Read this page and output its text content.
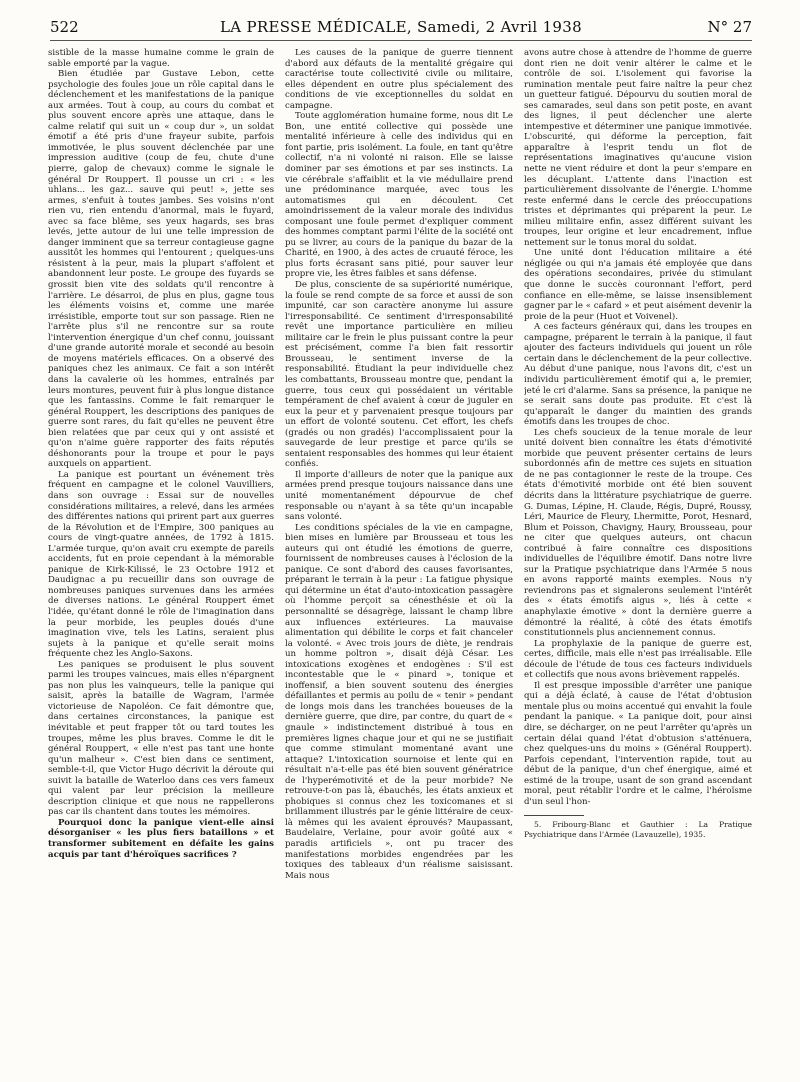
522	LA PRESSE MÉDICALE, Samedi, 2 Avril 1938	N° 27

sistible de la masse humaine comme le grain de sable emporté par la vague.

Bien étudiée par Gustave Lebon, cette psychologie des foules joue un rôle capital dans le déclenchement et les manifestations de la panique aux armées. Tout à coup, au cours du combat et plus souvent encore après une attaque, dans le calme relatif qui suit un « coup dur », un soldat émotif a été pris d'une frayeur subite, parfois immotivée, le plus souvent déclenchée par une impression auditive (coup de feu, chute d'une pierre, galop de chevaux) comme le signale le général Dr Rouppert. Il pousse un cri : « les uhlans... les gaz... sauve qui peut! », jette ses armes, s'enfuit à toutes jambes. Ses voisins n'ont rien vu, rien entendu d'anormal, mais le fuyard, avec sa face blême, ses yeux hagards, ses bras levés, jette autour de lui une telle impression de danger imminent que sa terreur contagieuse gagne aussitôt les hommes qui l'entourent ; quelques-uns résistent à la peur, mais la plupart s'affolent et abandonnent leur poste. Le groupe des fuyards se grossit bien vite des soldats qu'il rencontre à l'arrière. Le désarroi, de plus en plus, gagne tous les éléments voisins et, comme une marée irrésistible, emporte tout sur son passage. Rien ne l'arrête plus s'il ne rencontre sur sa route l'intervention énergique d'un chef connu, jouissant d'une grande autorité morale et secondé au besoin de moyens matériels efficaces. On a observé des paniques chez les animaux. Ce fait a son intérêt dans la cavalerie où les hommes, entraînés par leurs montures, peuvent fuir à plus longue distance que les fantassins. Comme le fait remarquer le général Rouppert, les descriptions des paniques de guerre sont rares, du fait qu'elles ne peuvent être bien relatées que par ceux qui y ont assisté et qu'on n'aime guère rapporter des faits réputés déshonorants pour la troupe et pour le pays auxquels on appartient.

La panique est pourtant un événement très fréquent en campagne et le colonel Vauvilliers, dans son ouvrage : Essai sur de nouvelles considérations militaires, a relevé, dans les armées des différentes nations qui prirent part aux guerres de la Révolution et de l'Empire, 300 paniques au cours de vingt-quatre années, de 1792 à 1815. L'armée turque, qu'on avait cru exempte de pareils accidents, fut en proie cependant à la mémorable panique de Kirk-Kilissé, le 23 Octobre 1912 et Daudignac a pu recueillir dans son ouvrage de nombreuses paniques survenues dans les armées de diverses nations. Le général Rouppert émet l'idée, qu'étant donné le rôle de l'imagination dans la peur morbide, les peuples doués d'une imagination vive, tels les Latins, seraient plus sujets à la panique et qu'elle serait moins fréquente chez les Anglo-Saxons.

Les paniques se produisent le plus souvent parmi les troupes vaincues, mais elles n'épargnent pas non plus les vainqueurs, telle la panique qui saisit, après la bataille de Wagram, l'armée victorieuse de Napoléon. Ce fait démontre que, dans certaines circonstances, la panique est inévitable et peut frapper tôt ou tard toutes les troupes, même les plus braves. Comme le dit le général Rouppert, « elle n'est pas tant une honte qu'un malheur ». C'est bien dans ce sentiment, semble-t-il, que Victor Hugo décrivit la déroute qui suivit la bataille de Waterloo dans ces vers fameux qui valent par leur précision la meilleure description clinique et que nous ne rappellerons pas car ils chantent dans toutes les mémoires.

Pourquoi donc la panique vient-elle ainsi désorganiser « les plus fiers bataillons » et transformer subitement en défaite les gains acquis par tant d'héroïques sacrifices ?

Les causes de la panique de guerre tiennent d'abord aux défauts de la mentalité grégaire qui caractérise toute collectivité civile ou militaire, elles dépendent en outre plus spécialement des conditions de vie exceptionnelles du soldat en campagne.

Toute agglomération humaine forme, nous dit Le Bon, une entité collective qui possède une mentalité inférieure à celle des individus qui en font partie, pris isolément. La foule, en tant qu'être collectif, n'a ni volonté ni raison. Elle se laisse dominer par ses émotions et par ses instincts. La vie cérébrale s'affaiblit et la vie médullaire prend une prédominance marquée, avec tous les automatismes qui en découlent. Cet amoindrissement de la valeur morale des individus composant une foule permet d'expliquer comment des hommes comptant parmi l'élite de la société ont pu se livrer, au cours de la panique du bazar de la Charité, en 1900, à des actes de cruauté féroce, les plus forts écrasant sans pitié, pour sauver leur propre vie, les êtres faibles et sans défense.

De plus, consciente de sa supériorité numérique, la foule se rend compte de sa force et aussi de son impunité, car son caractère anonyme lui assure l'irresponsabilité. Ce sentiment d'irresponsabilité revêt une importance particulière en milieu militaire car le frein le plus puissant contre la peur est précisément, comme l'a bien fait ressortir Brousseau, le sentiment inverse de la responsabilité. Étudiant la peur individuelle chez les combattants, Brousseau montre que, pendant la guerre, tous ceux qui possédaient un véritable tempérament de chef avaient à cœur de juguler en eux la peur et y parvenaient presque toujours par un effort de volonté soutenu. Cet effort, les chefs (gradés ou non gradés) l'accomplissaient pour la sauvegarde de leur prestige et parce qu'ils se sentaient responsables des hommes qui leur étaient confiés.

Il importe d'ailleurs de noter que la panique aux armées prend presque toujours naissance dans une unité momentanément dépourvue de chef responsable ou n'ayant à sa tête qu'un incapable sans volonté.

Les conditions spéciales de la vie en campagne, bien mises en lumière par Brousseau et tous les auteurs qui ont étudié les émotions de guerre, fournissent de nombreuses causes à l'éclosion de la panique. Ce sont d'abord des causes favorisantes, préparant le terrain à la peur : La fatigue physique qui détermine un état d'auto-intoxication passagère où l'homme perçoit sa cénesthésie et où la personnalité se désagrège, laissant le champ libre aux influences extérieures. La mauvaise alimentation qui débilite le corps et fait chanceler la volonté. « Avec trois jours de diète, je rendrais un homme poltron », disait déjà César. Les intoxications exogènes et endogènes : S'il est incontestable que le « pinard », tonique et inoffensif, a bien souvent soutenu des énergies défaillantes et permis au poilu de « tenir » pendant de longs mois dans les tranchées boueuses de la dernière guerre, que dire, par contre, du quart de « gnaule » indistinctement distribué à tous en premières lignes chaque jour et qui ne se justifiait que comme stimulant momentané avant une attaque? L'intoxication sournoise et lente qui en résultait n'a-t-elle pas été bien souvent génératrice de l'hyperémotivité et de la peur morbide? Ne retrouve-t-on pas là, ébauchés, les états anxieux et phobiques si connus chez les toxicomanes et si brillamment illustrés par le génie littéraire de ceux-là mêmes qui les avaient éprouvés? Maupassant, Baudelaire, Verlaine, pour avoir goûté aux « paradis artificiels », ont pu tracer des manifestations morbides engendrées par les toxiques des tableaux d'un réalisme saisissant. Mais nous

avons autre chose à attendre de l'homme de guerre dont rien ne doit venir altérer le calme et le contrôle de soi. L'isolement qui favorise la rumination mentale peut faire naître la peur chez un guetteur fatigué. Dépourvu du soutien moral de ses camarades, seul dans son petit poste, en avant des lignes, il peut déclencher une alerte intempestive et déterminer une panique immotivée. L'obscurité, qui déforme la perception, fait apparaître à l'esprit tendu un flot de représentations imaginatives qu'aucune vision nette ne vient réduire et dont la peur s'empare en les décuplant. L'attente dans l'inaction est particulièrement dissolvante de l'énergie. L'homme reste enfermé dans le cercle des préoccupations tristes et déprimantes qui préparent la peur. Le milieu militaire enfin, assez différent suivant les troupes, leur origine et leur encadrement, influe nettement sur le tonus moral du soldat.

Une unité dont l'éducation militaire a été négligée ou qui n'a jamais été employée que dans des opérations secondaires, privée du stimulant que donne le succès couronnant l'effort, perd confiance en elle-même, se laisse insensiblement gagner par le « cafard » et peut aisément devenir la proie de la peur (Huot et Voivenel).

A ces facteurs généraux qui, dans les troupes en campagne, préparent le terrain à la panique, il faut ajouter des facteurs individuels qui jouent un rôle certain dans le déclenchement de la peur collective. Au début d'une panique, nous l'avons dit, c'est un individu particulièrement émotif qui a, le premier, jeté le cri d'alarme. Sans sa présence, la panique ne se serait sans doute pas produite. Et c'est là qu'apparaît le danger du maintien des grands émotifs dans les troupes de choc.

Les chefs soucieux de la tenue morale de leur unité doivent bien connaître les états d'émotivité morbide que peuvent présenter certains de leurs subordonnés afin de mettre ces sujets en situation de ne pas contagionner le reste de la troupe. Ces états d'émotivité morbide ont été bien souvent décrits dans la littérature psychiatrique de guerre. G. Dumas, Lépine, H. Claude, Régis, Dupré, Roussy, Léri, Maurice de Fleury, Lhermitte, Porot, Hesnard, Blum et Poisson, Chavigny, Haury, Brousseau, pour ne citer que quelques auteurs, ont chacun contribué à faire connaître ces dispositions individuelles de l'équilibre émotif. Dans notre livre sur la Pratique psychiatrique dans l'Armée 5 nous en avons rapporté maints exemples. Nous n'y reviendrons pas et signalerons seulement l'intérêt des « états émotifs aigus », liés à cette « anaphylaxie émotive » dont la dernière guerre a démontré la réalité, à côté des états émotifs constitutionnels plus anciennement connus.

La prophylaxie de la panique de guerre est, certes, difficile, mais elle n'est pas irréalisable. Elle découle de l'étude de tous ces facteurs individuels et collectifs que nous avons brièvement rappelés.

Il est presque impossible d'arrêter une panique qui a déjà éclaté, à cause de l'état d'obtusion mentale plus ou moins accentué qui envahit la foule pendant la panique. « La panique doit, pour ainsi dire, se décharger, on ne peut l'arrêter qu'après un certain délai quand l'état d'obtusion s'atténuera, chez quelques-uns du moins » (Général Rouppert). Parfois cependant, l'intervention rapide, tout au début de la panique, d'un chef énergique, aimé et estimé de la troupe, usant de son grand ascendant moral, peut rétablir l'ordre et le calme, l'héroïsme d'un seul l'hon-

5. Fribourg-Blanc et Gauthier : La Pratique Psychiatrique dans l'Armée (Lavauzelle), 1935.
